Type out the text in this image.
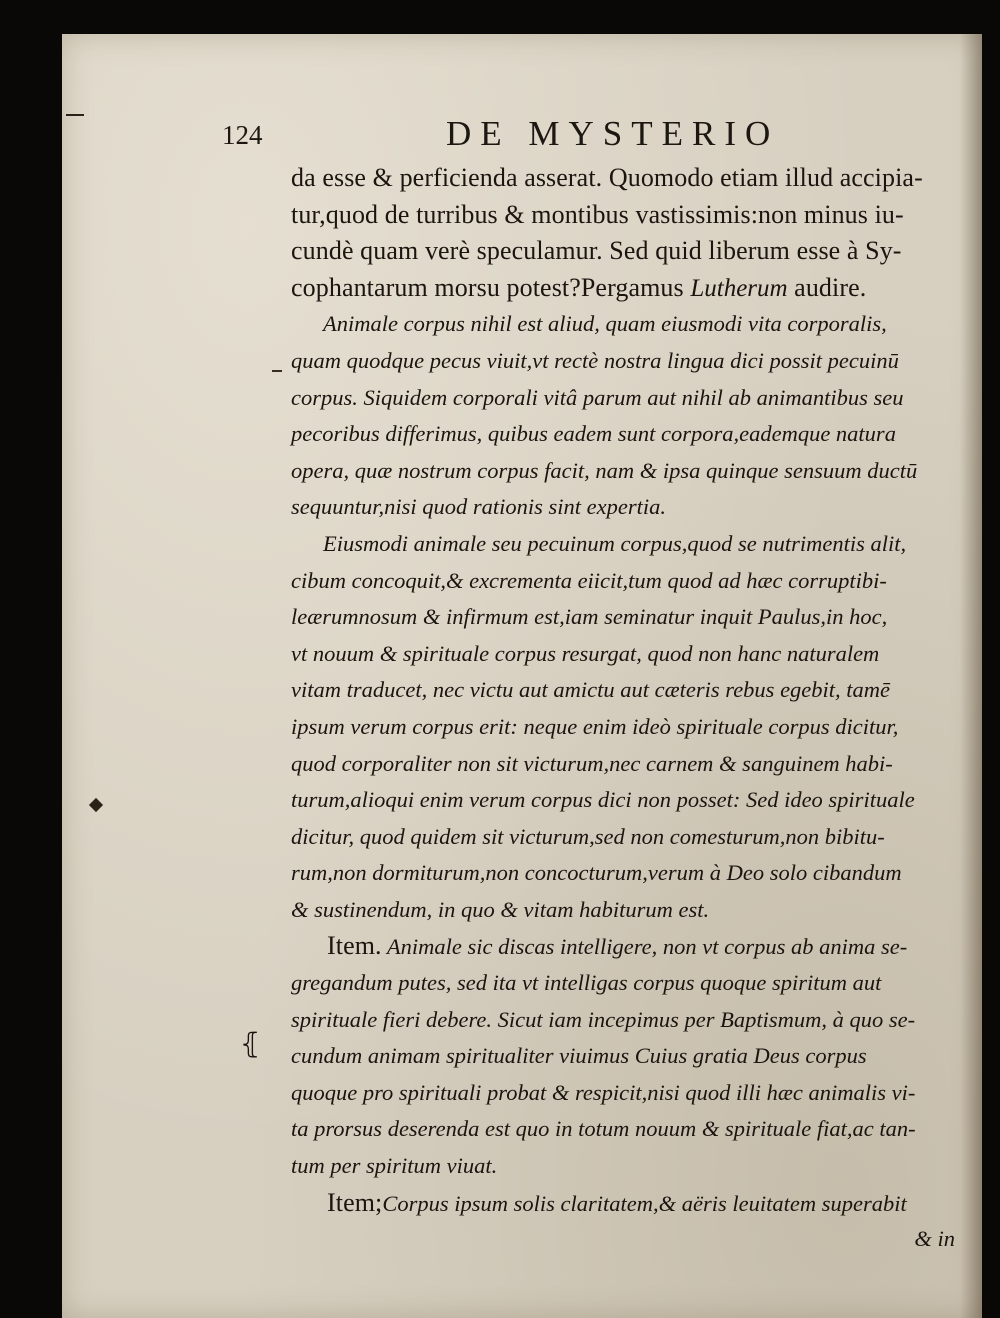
⦃
124	DE MYSTERIO
da esse & perficienda asserat. Quomodo etiam illud accipia-
tur,quod de turribus & montibus vastissimis:non minus iu-
cundè quam verè speculamur. Sed quid liberum esse à Sy-
cophantarum morsu potest?Pergamus Lutherum audire.
Animale corpus nihil est aliud, quam eiusmodi vita corporalis,
quam quodque pecus viuit,vt rectè nostra lingua dici possit pecuinū
corpus. Siquidem corporali vitâ parum aut nihil ab animantibus seu
pecoribus differimus, quibus eadem sunt corpora,eademque natura
opera, quæ nostrum corpus facit, nam & ipsa quinque sensuum ductū
sequuntur,nisi quod rationis sint expertia.
Eiusmodi animale seu pecuinum corpus,quod se nutrimentis alit,
cibum concoquit,& excrementa eiicit,tum quod ad hæc corruptibi-
leærumnosum & infirmum est,iam seminatur inquit Paulus,in hoc,
vt nouum & spirituale corpus resurgat, quod non hanc naturalem
vitam traducet, nec victu aut amictu aut cæteris rebus egebit, tamē
ipsum verum corpus erit: neque enim ideò spirituale corpus dicitur,
quod corporaliter non sit victurum,nec carnem & sanguinem habi-
turum,alioqui enim verum corpus dici non posset: Sed ideo spirituale
dicitur, quod quidem sit victurum,sed non comesturum,non bibitu-
rum,non dormiturum,non concocturum,verum à Deo solo cibandum
& sustinendum, in quo & vitam habiturum est.
Item. Animale sic discas intelligere, non vt corpus ab anima se-
gregandum putes, sed ita vt intelligas corpus quoque spiritum aut
spirituale fieri debere. Sicut iam incepimus per Baptismum, à quo se-
cundum animam spiritualiter viuimus Cuius gratia Deus corpus
quoque pro spirituali probat & respicit,nisi quod illi hæc animalis vi-
ta prorsus deserenda est quo in totum nouum & spirituale fiat,ac tan-
tum per spiritum viuat.
Item;Corpus ipsum solis claritatem,& aëris leuitatem superabit
& in
